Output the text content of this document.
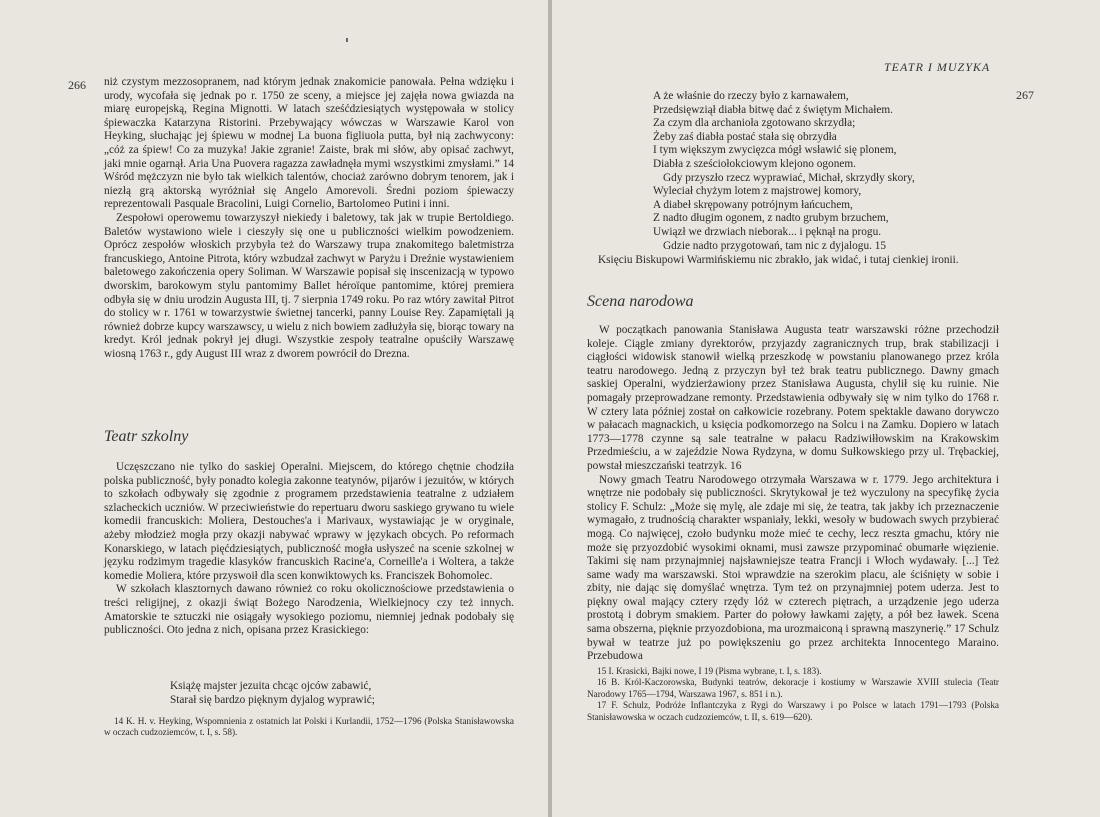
266 niż czystym mezzosopranem, nad którym jednak znakomicie panowała. Pełna wdzięku i urody, wycofała się jednak po r. 1750 ze sceny, a miejsce jej zajęła nowa gwiazda na miarę europejską, Regina Mignotti. W latach sześćdziesiątych występowała w stolicy śpiewaczka Katarzyna Ristorini. Przebywający wówczas w Warszawie Karol von Heyking, słuchając jej śpiewu w modnej La buona figliuola putta, był nią zachwycony: „cóż za śpiew! Co za muzyka! Jakie zgranie! Zaiste, brak mi słów, aby opisać zachwyt, jaki mnie ogarnął. Aria Una Puovera ragazza zawładnęła mymi wszystkimi zmysłami.” 14 Wśród mężczyzn nie było tak wielkich talentów, chociaż zarówno dobrym tenorem, jak i niezłą grą aktorską wyróżniał się Angelo Amorevoli. Średni poziom śpiewaczy reprezentowali Pasquale Bracolini, Luigi Cornelio, Bartolomeo Putini i inni.

Zespołowi operowemu towarzyszył niekiedy i baletowy, tak jak w trupie Bertoldiego. Baletów wystawiono wiele i cieszyły się one u publiczności wielkim powodzeniem. Oprócz zespołów włoskich przybyła też do Warszawy trupa znakomitego baletmistrza francuskiego, Antoine Pitrota, który wzbudzał zachwyt w Paryżu i Dreźnie wystawieniem baletowego zakończenia opery Soliman. W Warszawie popisał się inscenizacją w typowo dworskim, barokowym stylu pantomimy Ballet héroïque pantomime, której premiera odbyła się w dniu urodzin Augusta III, tj. 7 sierpnia 1749 roku. Po raz wtóry zawitał Pitrot do stolicy w r. 1761 w towarzystwie świetnej tancerki, panny Louise Rey. Zapamiętali ją również dobrze kupcy warszawscy, u wielu z nich bowiem zadłużyła się, biorąc towary na kredyt. Król jednak pokrył jej długi. Wszystkie zespoły teatralne opuściły Warszawę wiosną 1763 r., gdy August III wraz z dworem powrócił do Drezna.

Teatr szkolny

Uczęszczano nie tylko do saskiej Operalni. Miejscem, do którego chętnie chodziła polska publiczność, były ponadto kolegia zakonne teatynów, pijarów i jezuitów, w których to szkołach odbywały się zgodnie z programem przedstawienia teatralne z udziałem szlacheckich uczniów. W przeciwieństwie do repertuaru dworu saskiego grywano tu wiele komedii francuskich: Moliera, Destouches'a i Marivaux, wystawiając je w oryginale, ażeby młodzież mogła przy okazji nabywać wprawy w językach obcych. Po reformach Konarskiego, w latach pięćdziesiątych, publiczność mogła usłyszeć na scenie szkolnej w języku rodzimym tragedie klasyków francuskich Racine'a, Corneille'a i Woltera, a także komedie Moliera, które przyswoił dla scen konwiktowych ks. Franciszek Bohomolec.

W szkołach klasztornych dawano również co roku okolicznościowe przedstawienia o treści religijnej, z okazji świąt Bożego Narodzenia, Wielkiejnocy czy też innych. Amatorskie te sztuczki nie osiągały wysokiego poziomu, niemniej jednak podobały się publiczności. Oto jedna z nich, opisana przez Krasickiego:

Książę majster jezuita chcąc ojców zabawić,
Starał się bardzo pięknym dyjalog wyprawić;

14 K. H. v. Heyking, Wspomnienia z ostatnich lat Polski i Kurlandii, 1752—1796 (Polska Stanisławowska w oczach cudzoziemców, t. I, s. 58).

TEATR I MUZYKA
267
A że właśnie do rzeczy było z karnawałem,
Przedsięwziął diabła bitwę dać z świętym Michałem.
Za czym dla archanioła zgotowano skrzydła;
Żeby zaś diabła postać stała się obrzydła
I tym większym zwycięzca mógł wsławić się plonem,
Diabła z sześciołokciowym klejono ogonem.
Gdy przyszło rzecz wyprawiać, Michał, skrzydły skory,
Wyleciał chyżym lotem z majstrowej komory,
A diabeł skrępowany potrójnym łańcuchem,
Z nadto długim ogonem, z nadto grubym brzuchem,
Uwiązł we drzwiach nieborak... i pęknął na progu.
Gdzie nadto przygotowań, tam nic z dyjalogu. 15

Księciu Biskupowi Warmińskiemu nic zbrakło, jak widać, i tutaj cienkiej ironii.

Scena narodowa

W początkach panowania Stanisława Augusta teatr warszawski różne przechodził koleje. Ciągle zmiany dyrektorów, przyjazdy zagranicznych trup, brak stabilizacji i ciągłości widowisk stanowił wielką przeszkodę w powstaniu planowanego przez króla teatru narodowego. Jedną z przyczyn był też brak teatru publicznego. Dawny gmach saskiej Operalni, wydzierżawiony przez Stanisława Augusta, chylił się ku ruinie. Nie pomagały przeprowadzane remonty. Przedstawienia odbywały się w nim tylko do 1768 r. W cztery lata później został on całkowicie rozebrany. Potem spektakle dawano dorywczo w pałacach magnackich, u księcia podkomorzego na Solcu i na Zamku. Dopiero w latach 1773—1778 czynne są sale teatralne w pałacu Radziwiłłowskim na Krakowskim Przedmieściu, a w zajeździe Nowa Rydzyna, w domu Sułkowskiego przy ul. Trębackiej, powstał mieszczański teatrzyk. 16

Nowy gmach Teatru Narodowego otrzymała Warszawa w r. 1779. Jego architektura i wnętrze nie podobały się publiczności. Skrytykował je też wyczulony na specyfikę życia stolicy F. Schulz: „Może się mylę, ale zdaje mi się, że teatra, tak jakby ich przeznaczenie wymagało, z trudnością charakter wspaniały, lekki, wesoły w budowach swych przybierać mogą. Co najwięcej, czoło budynku może mieć te cechy, lecz reszta gmachu, który nie może się przyozdobić wysokimi oknami, musi zawsze przypominać obumarłe więzienie. Takimi się nam przynajmniej najsławniejsze teatra Francji i Włoch wydawały. [...] Też same wady ma warszawski. Stoi wprawdzie na szerokim placu, ale ściśnięty w sobie i zbity, nie dając się domyślać wnętrza. Tym też on przynajmniej potem uderza. Jest to piękny owal mający cztery rzędy lóż w czterech piętrach, a urządzenie jego uderza prostotą i dobrym smakiem. Parter do połowy ławkami zajęty, a pół bez ławek. Scena sama obszerna, pięknie przyozdobiona, ma urozmaiconą i sprawną maszynerię.” 17 Schulz bywał w teatrze już po powiększeniu go przez architekta Innocentego Maraino. Przebudowa

15 I. Krasicki, Bajki nowe, I 19 (Pisma wybrane, t. I, s. 183).

16 B. Król-Kaczorowska, Budynki teatrów, dekoracje i kostiumy w Warszawie XVIII stulecia (Teatr Narodowy 1765—1794, Warszawa 1967, s. 851 i n.).

17 F. Schulz, Podróże Inflantczyka z Rygi do Warszawy i po Polsce w latach 1791—1793 (Polska Stanisławowska w oczach cudzoziemców, t. II, s. 619—620).
